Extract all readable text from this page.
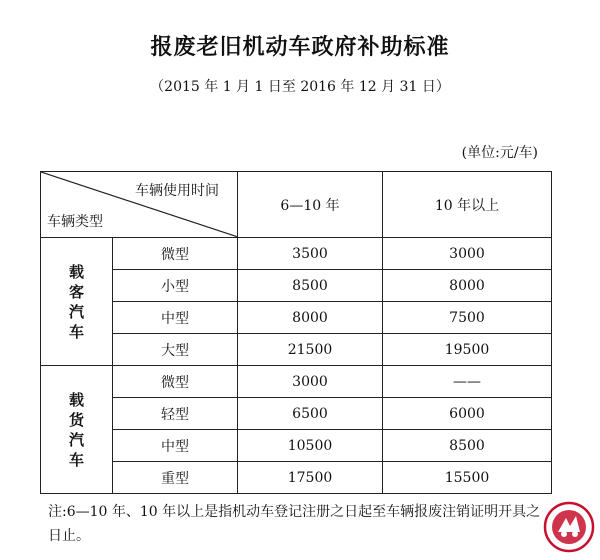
报废老旧机动车政府补助标准
（2015 年 1 月 1 日至 2016 年 12 月 31 日）
(单位:元/车)
车辆使用时间
车辆类型		6—10 年	10 年以上

载
客
汽
车	微型	3500	3000
	小型	8500	8000
	中型	8000	7500
	大型	21500	19500

载
货
汽
车	微型	3000	——
	轻型	6500	6000
	中型	10500	8500
	重型	17500	15500
注:6—10 年、10 年以上是指机动车登记注册之日起至车辆报废注销证明开具之日止。
